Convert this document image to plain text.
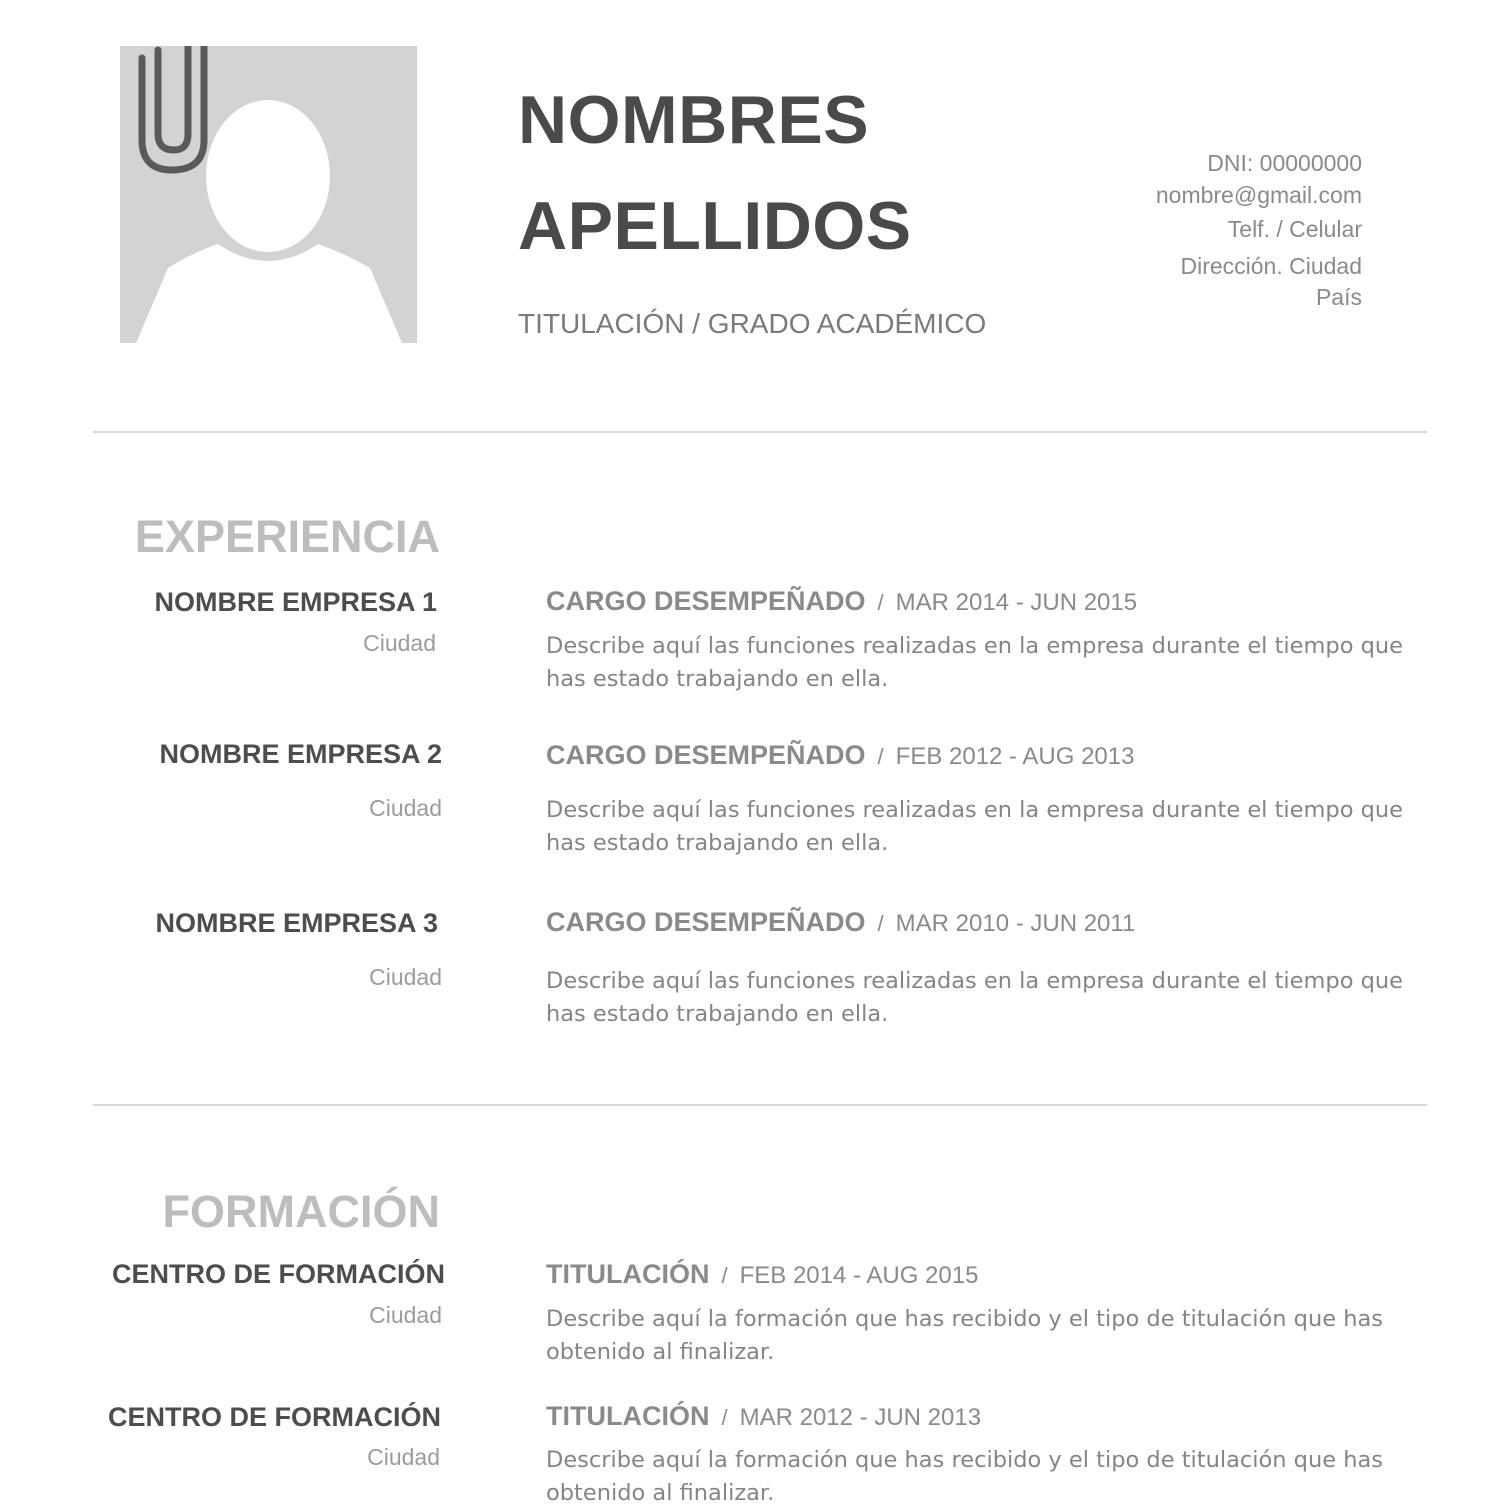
NOMBRES
APELLIDOS
TITULACIÓN / GRADO ACADÉMICO
DNI: 00000000
nombre@gmail.com
Telf. / Celular
Dirección. Ciudad
País
EXPERIENCIA
NOMBRE EMPRESA 1
Ciudad
CARGO DESEMPEÑADO / MAR 2014 - JUN 2015
Describe aquí las funciones realizadas en la empresa durante el tiempo que has estado trabajando en ella.
NOMBRE EMPRESA 2
Ciudad
CARGO DESEMPEÑADO / FEB 2012 - AUG 2013
Describe aquí las funciones realizadas en la empresa durante el tiempo que has estado trabajando en ella.
NOMBRE EMPRESA 3
Ciudad
CARGO DESEMPEÑADO / MAR 2010 - JUN 2011
Describe aquí las funciones realizadas en la empresa durante el tiempo que has estado trabajando en ella.
FORMACIÓN
CENTRO DE FORMACIÓN
Ciudad
TITULACIÓN / FEB 2014 - AUG 2015
Describe aquí la formación que has recibido y el tipo de titulación que has obtenido al finalizar.
CENTRO DE FORMACIÓN
Ciudad
TITULACIÓN / MAR 2012 - JUN 2013
Describe aquí la formación que has recibido y el tipo de titulación que has obtenido al finalizar.
